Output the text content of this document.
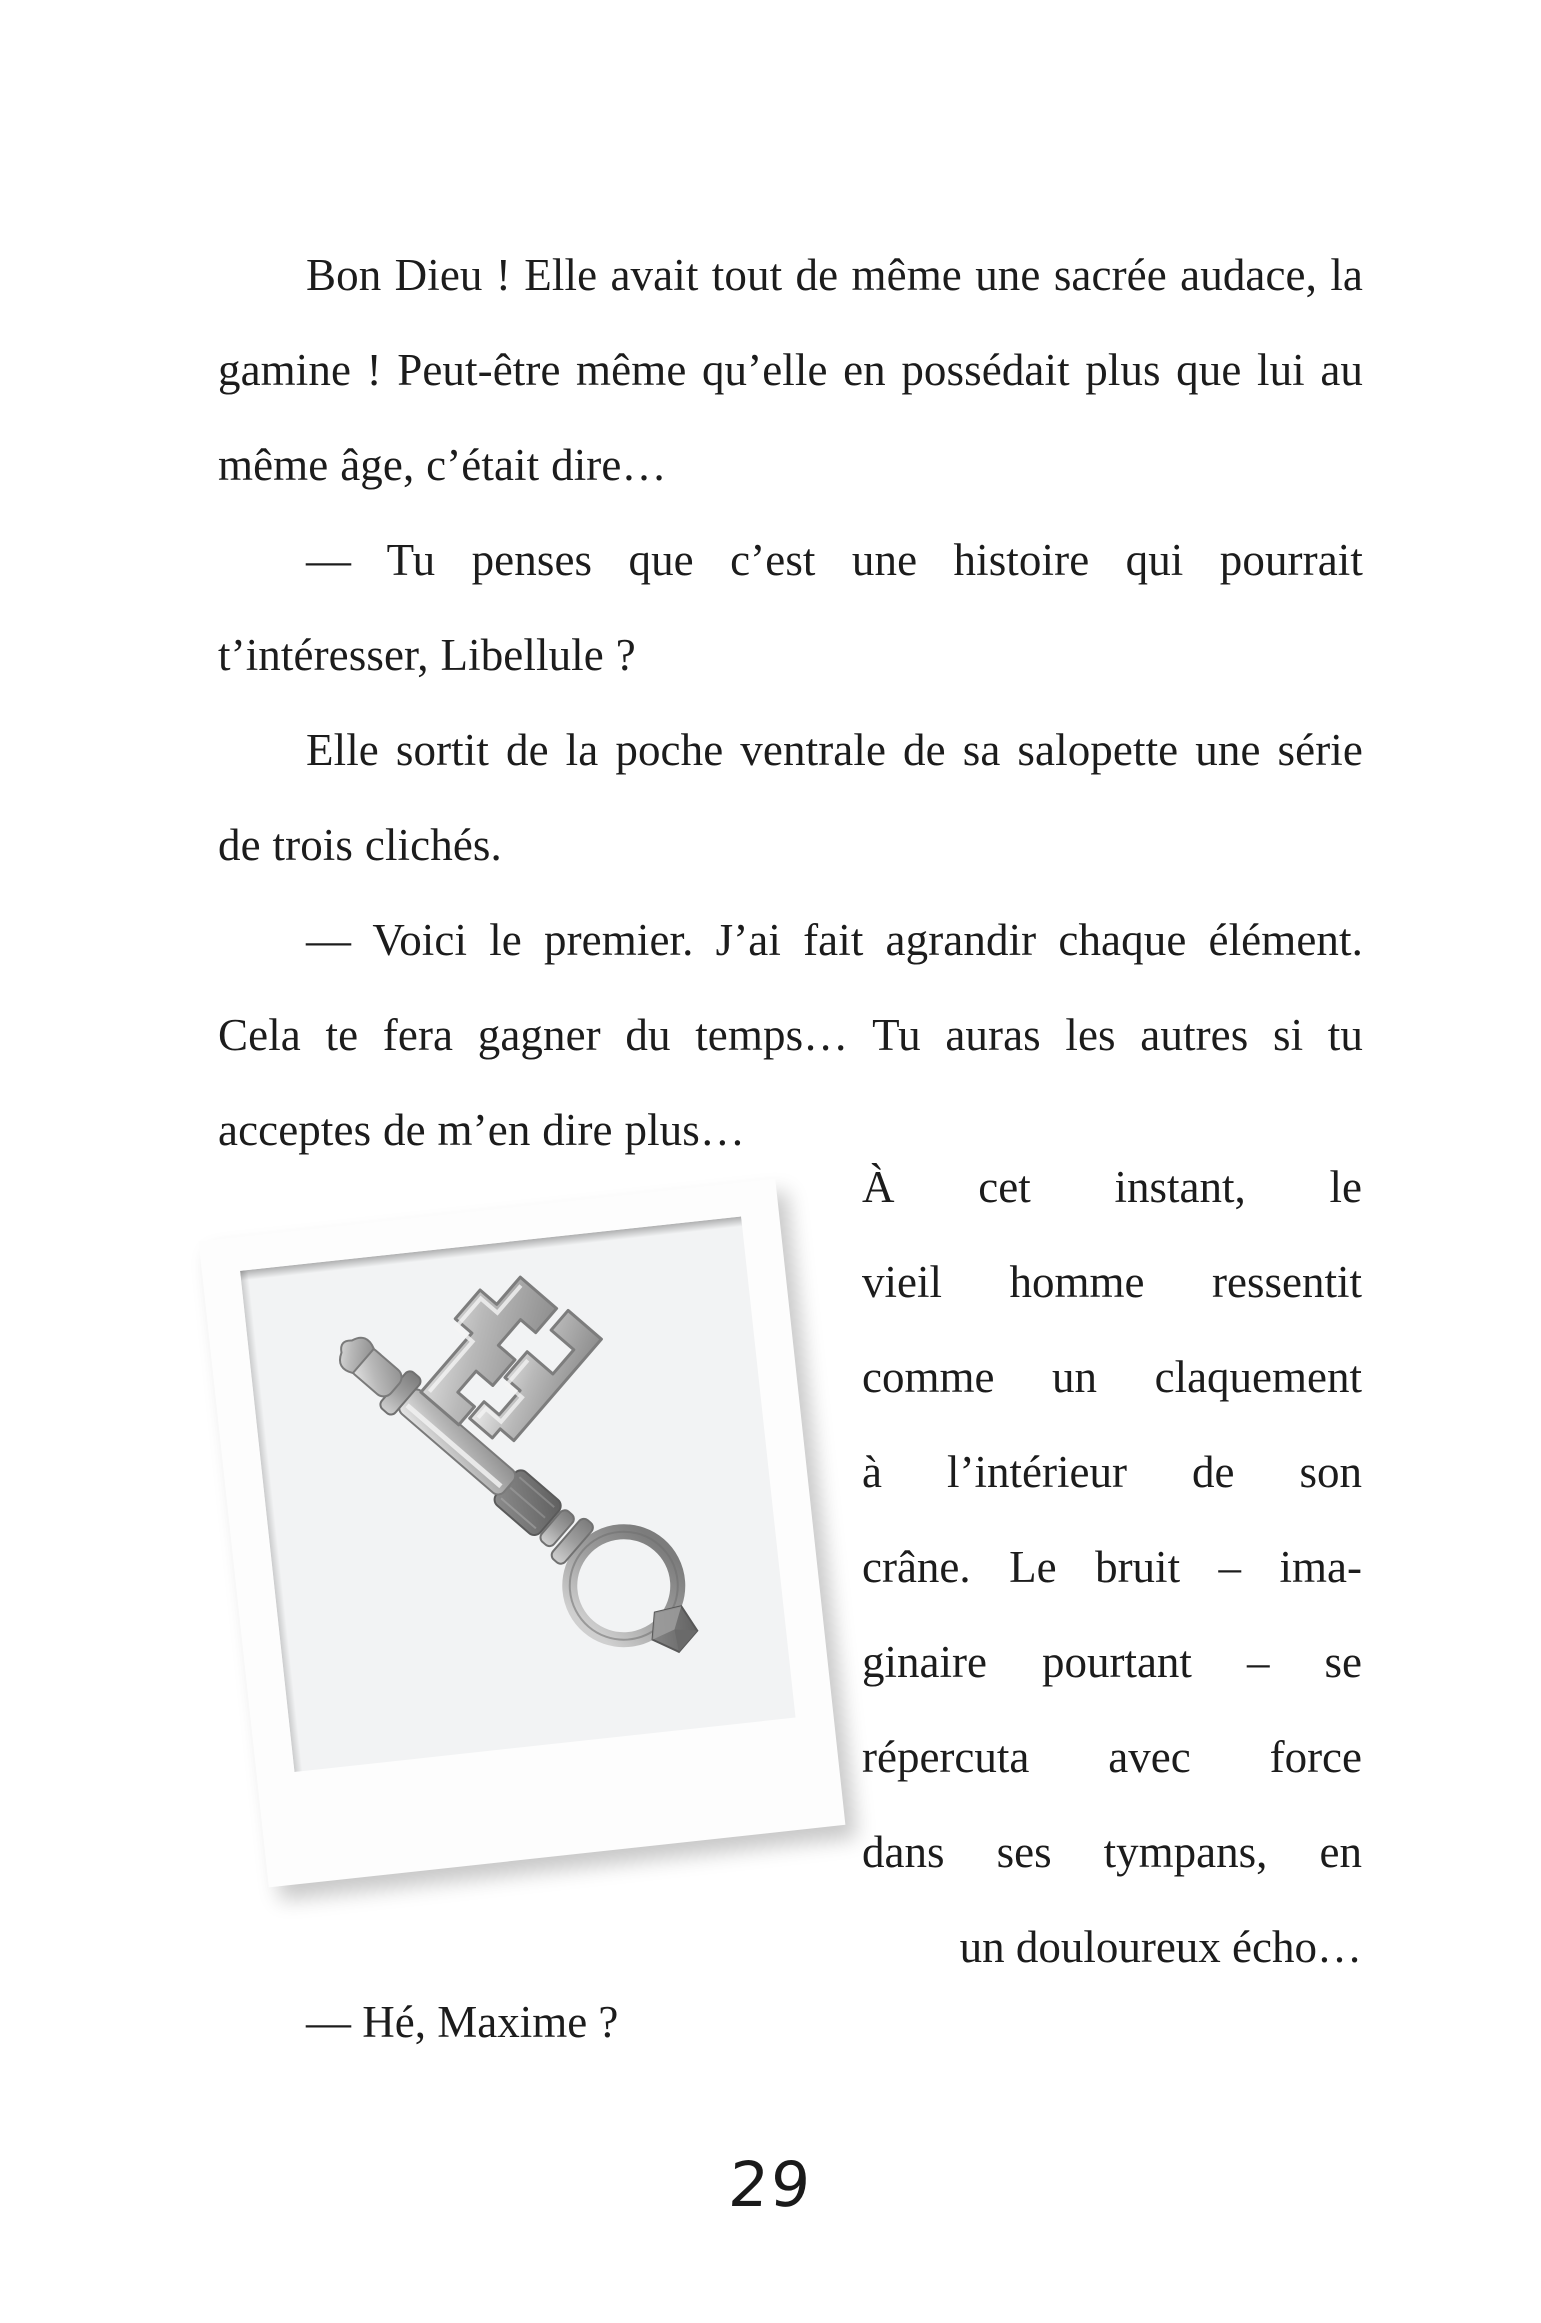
Bon Dieu ! Elle avait tout de même une sacrée audace, la gamine ! Peut-être même qu’elle en possédait plus que lui au même âge, c’était dire…

— Tu penses que c’est une histoire qui pourrait t’intéresser, Libellule ?

Elle sortit de la poche ventrale de sa salopette une série de trois clichés.

— Voici le premier. J’ai fait agrandir chaque élément. Cela te fera gagner du temps… Tu auras les autres si tu acceptes de m’en dire plus…

À cet instant, le

vieil homme ressentit

comme un claquement

à l’intérieur de son

crâne. Le bruit – ima-

ginaire pourtant – se

répercuta avec force

dans ses tympans, en

un douloureux écho…

— Hé, Maxime ?

29
